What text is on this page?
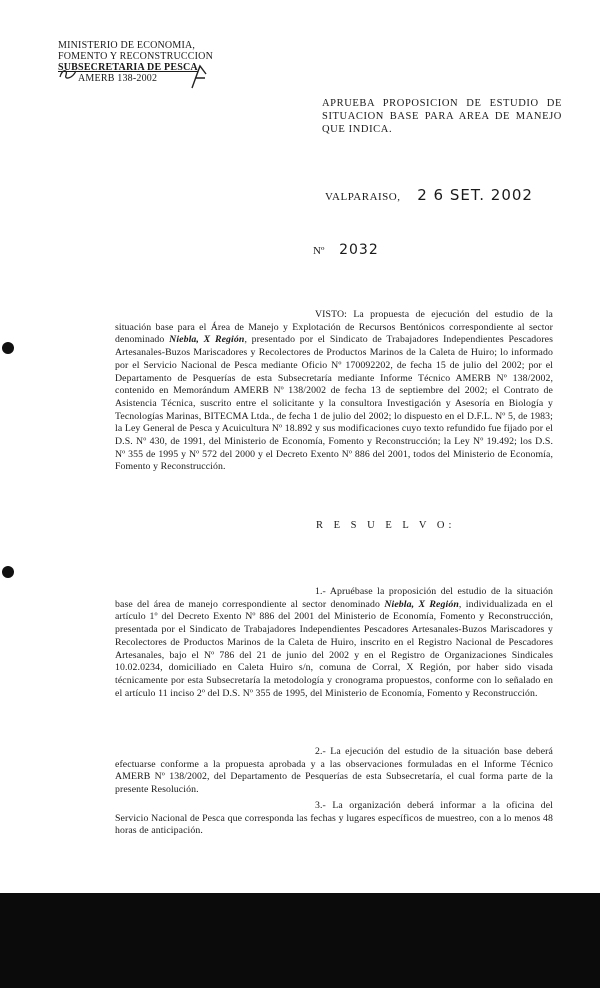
MINISTERIO DE ECONOMIA,
FOMENTO Y RECONSTRUCCION
SUBSECRETARIA DE PESCA
AMERB 138-2002
APRUEBA PROPOSICION DE ESTUDIO DE SITUACION BASE PARA AREA DE MANEJO QUE INDICA.
VALPARAISO, 2 6 SET. 2002
Nº 2032
VISTO: La propuesta de ejecución del estudio de la situación base para el Área de Manejo y Explotación de Recursos Bentónicos correspondiente al sector denominado Niebla, X Región, presentado por el Sindicato de Trabajadores Independientes Pescadores Artesanales-Buzos Mariscadores y Recolectores de Productos Marinos de la Caleta de Huiro; lo informado por el Servicio Nacional de Pesca mediante Oficio Nº 170092202, de fecha 15 de julio del 2002; por el Departamento de Pesquerías de esta Subsecretaría mediante Informe Técnico AMERB Nº 138/2002, contenido en Memorándum AMERB Nº 138/2002 de fecha 13 de septiembre del 2002; el Contrato de Asistencia Técnica, suscrito entre el solicitante y la consultora Investigación y Asesoría en Biología y Tecnologías Marinas, BITECMA Ltda., de fecha 1 de julio del 2002; lo dispuesto en el D.F.L. Nº 5, de 1983; la Ley General de Pesca y Acuicultura Nº 18.892 y sus modificaciones cuyo texto refundido fue fijado por el D.S. Nº 430, de 1991, del Ministerio de Economía, Fomento y Reconstrucción; la Ley Nº 19.492; los D.S. Nº 355 de 1995 y Nº 572 del 2000 y el Decreto Exento Nº 886 del 2001, todos del Ministerio de Economía, Fomento y Reconstrucción.
R E S U E L V O:
1.- Apruébase la proposición del estudio de la situación base del área de manejo correspondiente al sector denominado Niebla, X Región, individualizada en el artículo 1º del Decreto Exento Nº 886 del 2001 del Ministerio de Economía, Fomento y Reconstrucción, presentada por el Sindicato de Trabajadores Independientes Pescadores Artesanales-Buzos Mariscadores y Recolectores de Productos Marinos de la Caleta de Huiro, inscrito en el Registro Nacional de Pescadores Artesanales, bajo el Nº 786 del 21 de junio del 2002 y en el Registro de Organizaciones Sindicales 10.02.0234, domiciliado en Caleta Huiro s/n, comuna de Corral, X Región, por haber sido visada técnicamente por esta Subsecretaría la metodología y cronograma propuestos, conforme con lo señalado en el artículo 11 inciso 2º del D.S. Nº 355 de 1995, del Ministerio de Economía, Fomento y Reconstrucción.
2.- La ejecución del estudio de la situación base deberá efectuarse conforme a la propuesta aprobada y a las observaciones formuladas en el Informe Técnico AMERB Nº 138/2002, del Departamento de Pesquerías de esta Subsecretaría, el cual forma parte de la presente Resolución.
3.- La organización deberá informar a la oficina del Servicio Nacional de Pesca que corresponda las fechas y lugares específicos de muestreo, con a lo menos 48 horas de anticipación.
